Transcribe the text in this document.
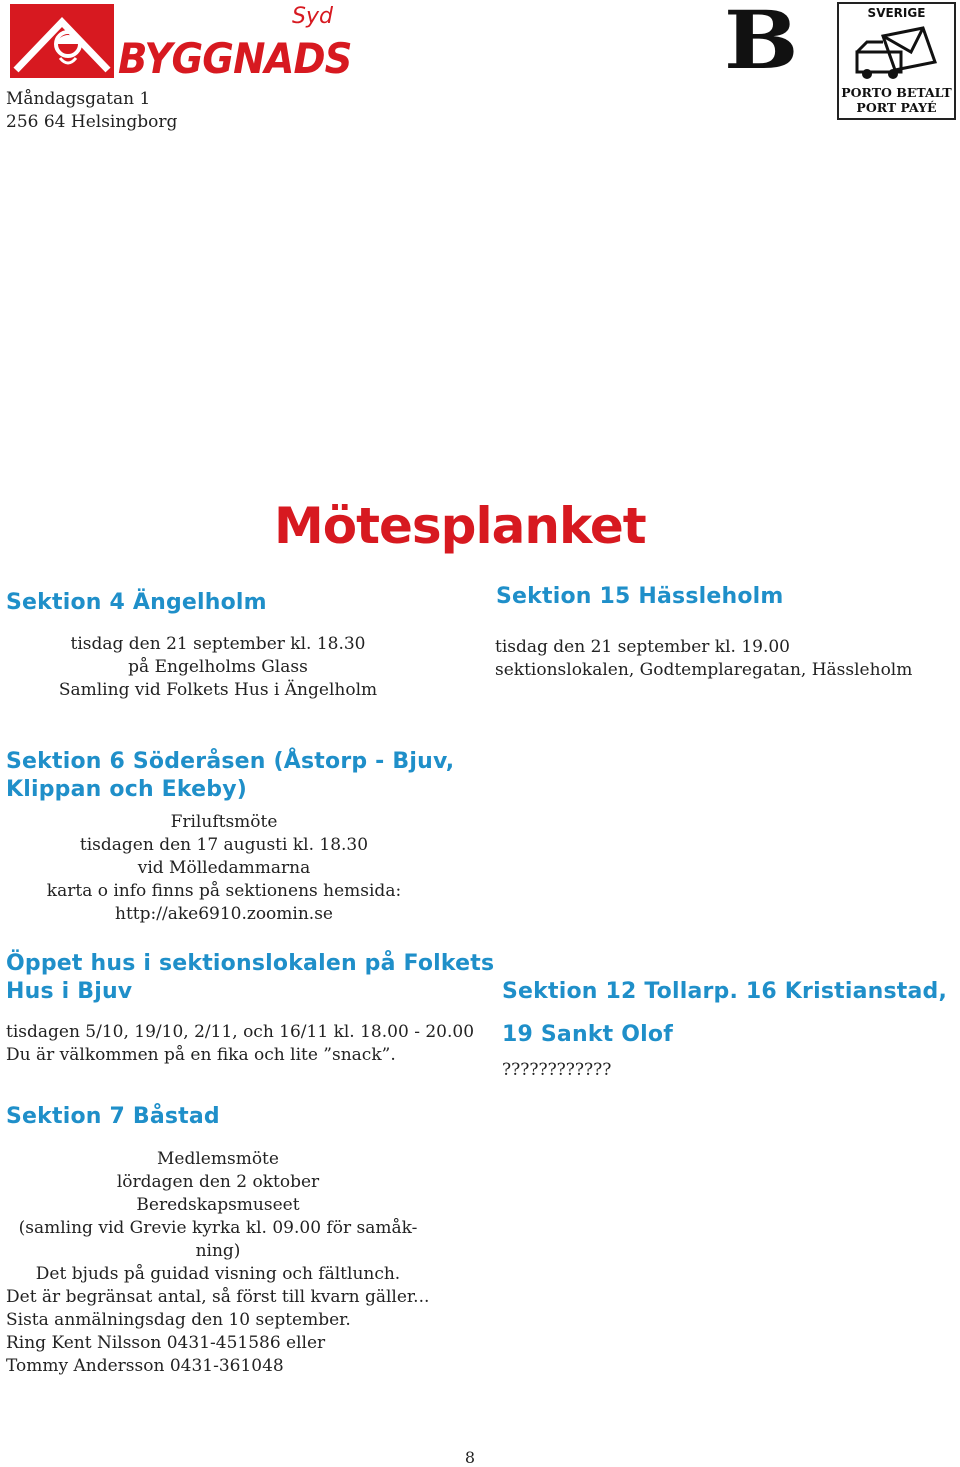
Syd
BYGGNADS
Måndagsgatan 1
256 64 Helsingborg
B	SVERIGE
PORTO BETALT
PORT PAYÉ
Mötesplanket
Sektion 4 Ängelholm
tisdag den 21 september kl. 18.30
på Engelholms Glass
Samling vid Folkets Hus i Ängelholm
Sektion 15 Hässleholm
tisdag den 21 september kl. 19.00
sektionslokalen, Godtemplaregatan, Hässleholm
Sektion 6 Söderåsen (Åstorp - Bjuv,
Klippan och Ekeby)
Friluftsmöte
tisdagen den 17 augusti kl. 18.30
vid Mölledammarna
karta o info finns på sektionens hemsida:
http://ake6910.zoomin.se
Öppet hus i sektionslokalen på Folkets
Hus i Bjuv
tisdagen 5/10, 19/10, 2/11, och 16/11 kl. 18.00 - 20.00
Du är välkommen på en fika och lite ”snack”.
Sektion 12 Tollarp. 16 Kristianstad,
19 Sankt Olof
????????????
Sektion 7 Båstad
Medlemsmöte
lördagen den 2 oktober
Beredskapsmuseet
(samling vid Grevie kyrka kl. 09.00 för samåk-
ning)
Det bjuds på guidad visning och fältlunch.
Det är begränsat antal, så först till kvarn gäller...
Sista anmälningsdag den 10 september.
Ring Kent Nilsson 0431-451586 eller
Tommy Andersson 0431-361048
8
